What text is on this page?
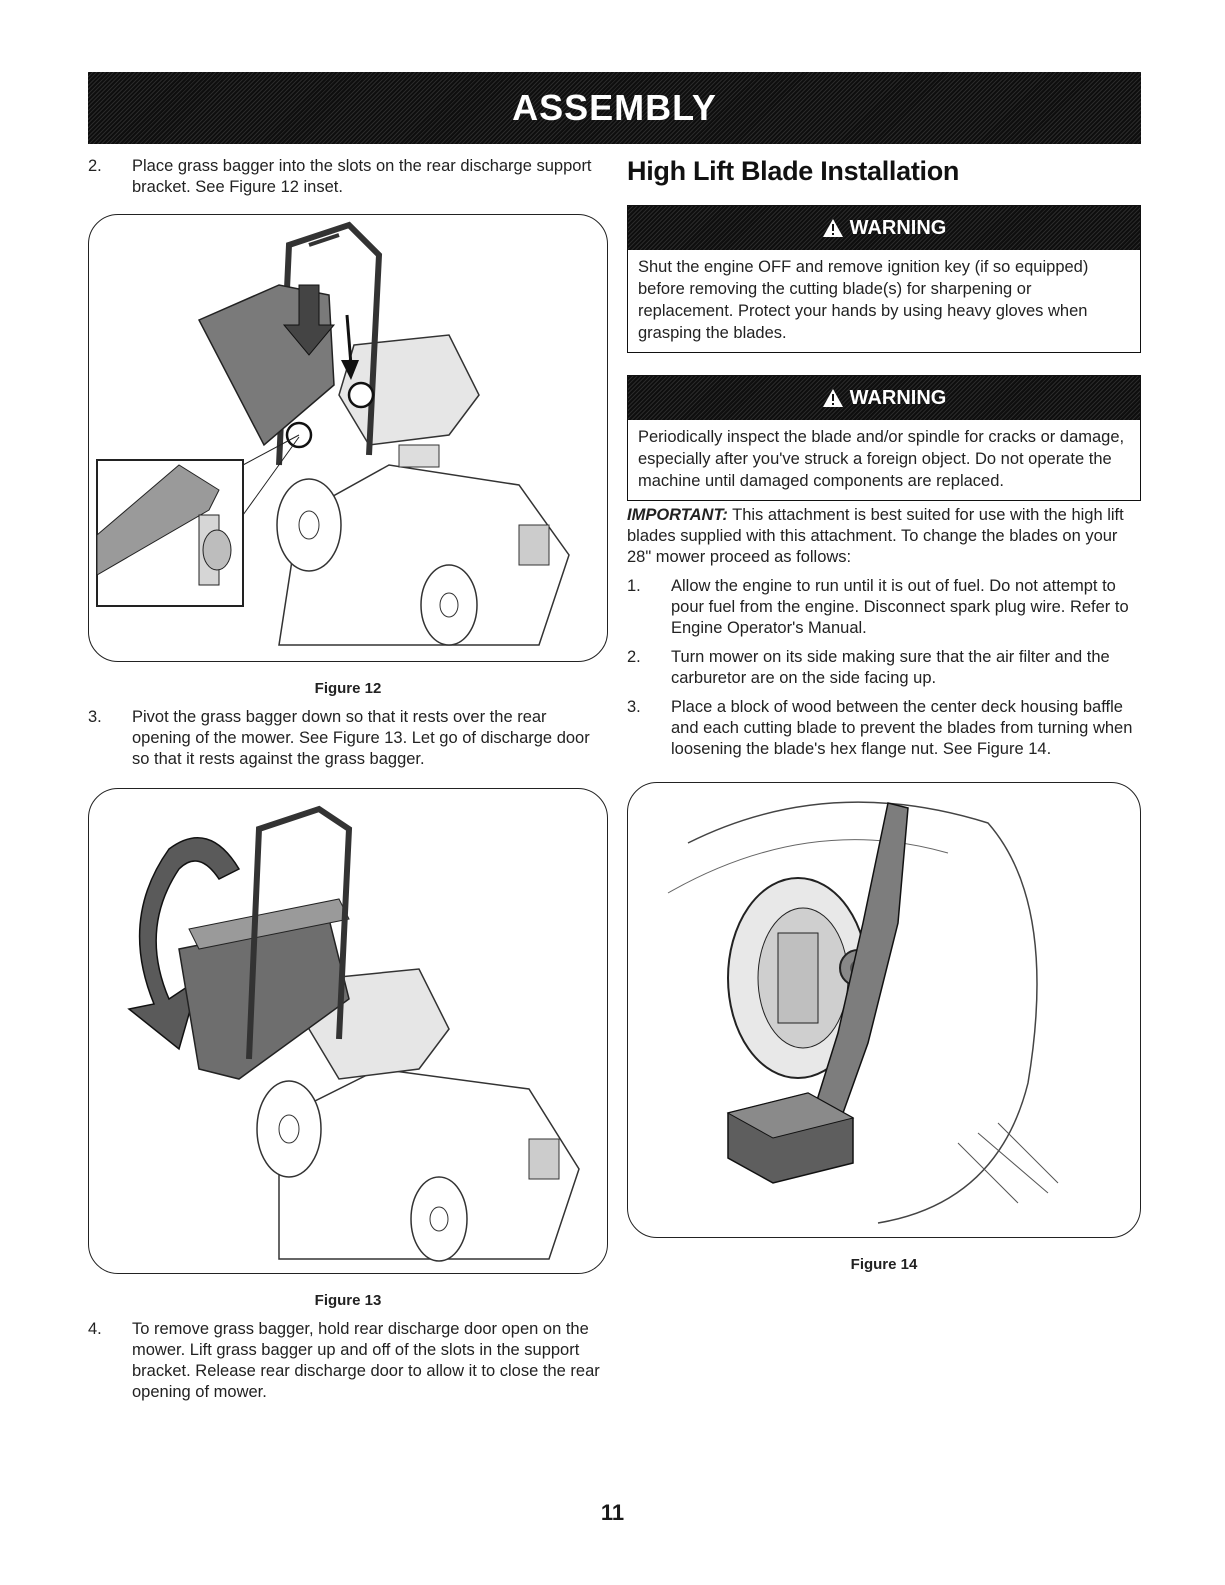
ASSEMBLY

2.	Place grass bagger into the slots on the rear discharge support bracket. See Figure 12 inset.

Figure 12

3.	Pivot the grass bagger down so that it rests over the rear opening of the mower. See Figure 13. Let go of discharge door so that it rests against the grass bagger.

Figure 13

4.	To remove grass bagger, hold rear discharge door open on the mower. Lift grass bagger up and off of the slots in the support bracket. Release rear discharge door to allow it to close the rear opening of mower.

High Lift Blade Installation
WARNING
Shut the engine OFF and remove ignition key (if so equipped) before removing the cutting blade(s) for sharpening or replacement. Protect your hands by using heavy gloves when grasping the blades.
WARNING
Periodically inspect the blade and/or spindle for cracks or damage, especially after you've struck a foreign object. Do not operate the machine until damaged components are replaced.

IMPORTANT: This attachment is best suited for use with the high lift blades supplied with this attachment. To change the blades on your 28" mower proceed as follows:

1.	Allow the engine to run until it is out of fuel. Do not attempt to pour fuel from the engine. Disconnect spark plug wire. Refer to Engine Operator's Manual.

2.	Turn mower on its side making sure that the air filter and the carburetor are on the side facing up.

3.	Place a block of wood between the center deck housing baffle and each cutting blade to prevent the blades from turning when loosening the blade's hex flange nut. See Figure 14.

Figure 14
11
